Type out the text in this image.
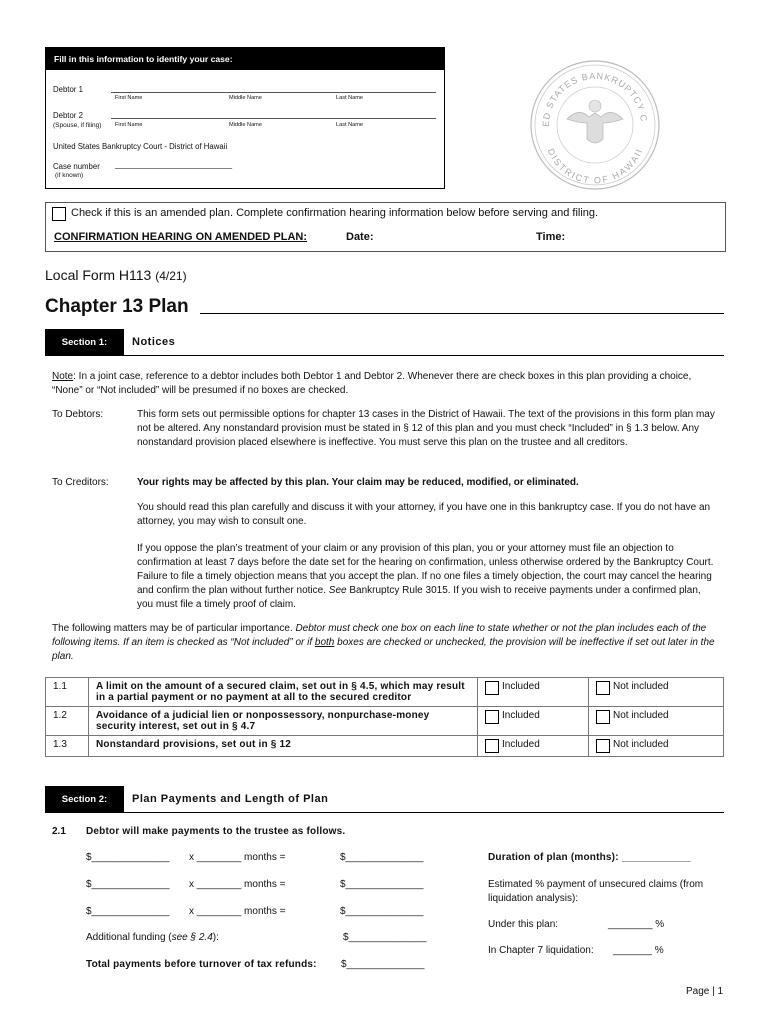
Fill in this information to identify your case:
Debtor 1
First Name	Middle Name	Last Name
Debtor 2
(Spouse, if filing) First Name	Middle Name	Last Name
United States Bankruptcy Court - District of Hawaii
Case number ___________________________
(if known)
ED STATES BANKRUPTCY C
DISTRICT OF HAWAII
Check if this is an amended plan. Complete confirmation hearing information below before serving and filing.
CONFIRMATION HEARING ON AMENDED PLAN:	Date:	Time:
Local Form H113 (4/21)
Chapter 13 Plan
Section 1:	Notices
Note: In a joint case, reference to a debtor includes both Debtor 1 and Debtor 2. Whenever there are check boxes in this plan providing a choice, “None” or “Not included” will be presumed if no boxes are checked.
To Debtors:	This form sets out permissible options for chapter 13 cases in the District of Hawaii. The text of the provisions in this form plan may not be altered. Any nonstandard provision must be stated in § 12 of this plan and you must check “Included” in § 1.3 below. Any nonstandard provision placed elsewhere is ineffective. You must serve this plan on the trustee and all creditors.
To Creditors:	Your rights may be affected by this plan. Your claim may be reduced, modified, or eliminated.
You should read this plan carefully and discuss it with your attorney, if you have one in this bankruptcy case. If you do not have an attorney, you may wish to consult one.
If you oppose the plan’s treatment of your claim or any provision of this plan, you or your attorney must file an objection to confirmation at least 7 days before the date set for the hearing on confirmation, unless otherwise ordered by the Bankruptcy Court. Failure to file a timely objection means that you accept the plan. If no one files a timely objection, the court may cancel the hearing and confirm the plan without further notice. See Bankruptcy Rule 3015. If you wish to receive payments under a confirmed plan, you must file a timely proof of claim.
The following matters may be of particular importance. Debtor must check one box on each line to state whether or not the plan includes each of the following items. If an item is checked as “Not included” or if both boxes are checked or unchecked, the provision will be ineffective if set out later in the plan.
1.1	A limit on the amount of a secured claim, set out in § 4.5, which may result in a partial payment or no payment at all to the secured creditor	Included	Not included

1.2	Avoidance of a judicial lien or nonpossessory, nonpurchase-money security interest, set out in § 4.7	Included	Not included

1.3	Nonstandard provisions, set out in § 12	Included	Not included
Section 2:	Plan Payments and Length of Plan
2.1 Debtor will make payments to the trustee as follows.
$______________ x ________ months =	$______________
$______________ x ________ months =	$______________
$______________ x ________ months =	$______________
Additional funding (see § 2.4):	$______________
Total payments before turnover of tax refunds: $______________
Duration of plan (months): ____________
Estimated % payment of unsecured claims (from liquidation analysis):
Under this plan:	________ %
In Chapter 7 liquidation: _______ %
Page | 1
